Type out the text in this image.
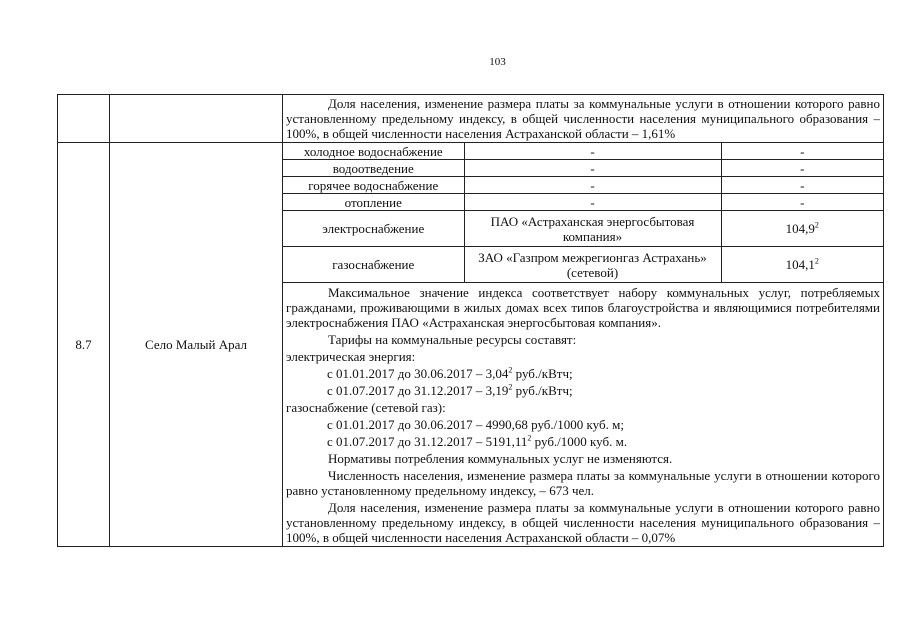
103

Доля населения, изменение размера платы за коммунальные услуги в отношении которого равно установленному предельному индексу, в общей численности населения муниципального образования – 100%, в общей численности населения Астраханской области – 1,61%

8.7	Село Малый Арал	
холодное водоснабжение	-	-
водоотведение	-	-
горячее водоснабжение	-	-
отопление	-	-
электроснабжение	ПАО «Астраханская энергосбытовая компания»	104,9$^2$
газоснабжение	ЗАО «Газпром межрегионгаз Астрахань» (сетевой)	104,1$^2$
Максимальное значение индекса соответствует набору коммунальных услуг, потребляемых гражданами, проживающими в жилых домах всех типов благоустройства и являющимися потребителями электроснабжения ПАО «Астраханская энергосбытовая компания».
Тарифы на коммунальные ресурсы составят:
электрическая энергия:
с 01.01.2017 до 30.06.2017 – 3,04$^2$ руб./кВтч;
с 01.07.2017 до 31.12.2017 – 3,19$^2$ руб./кВтч;
газоснабжение (сетевой газ):
с 01.01.2017 до 30.06.2017 – 4990,68 руб./1000 куб. м;
с 01.07.2017 до 31.12.2017 – 5191,11$^2$ руб./1000 куб. м.
Нормативы потребления коммунальных услуг не изменяются.
Численность населения, изменение размера платы за коммунальные услуги в отношении которого равно установленному предельному индексу, – 673 чел.
Доля населения, изменение размера платы за коммунальные услуги в отношении которого равно установленному предельному индексу, в общей численности населения муниципального образования – 100%, в общей численности населения Астраханской области – 0,07%
